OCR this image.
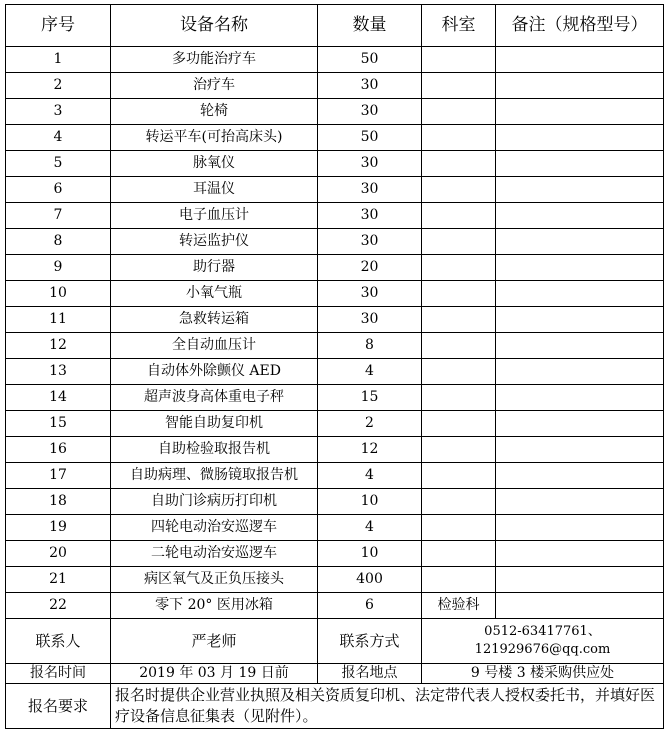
序号	设备名称	数量	科室	备注（规格型号）
1	多功能治疗车	50		
2	治疗车	30		
3	轮椅	30		
4	转运平车(可抬高床头)	50		
5	脉氧仪	30		
6	耳温仪	30		
7	电子血压计	30		
8	转运监护仪	30		
9	助行器	20		
10	小氧气瓶	30		
11	急救转运箱	30		
12	全自动血压计	8		
13	自动体外除颤仪 AED	4		
14	超声波身高体重电子秤	15		
15	智能自助复印机	2		
16	自助检验取报告机	12		
17	自助病理、微肠镜取报告机	4		
18	自助门诊病历打印机	10		
19	四轮电动治安巡逻车	4		
20	二轮电动治安巡逻车	10		
21	病区氧气及正负压接头	400		
22	零下 20° 医用冰箱	6	检验科	
联系人	严老师	联系方式	0512-63417761、
121929676@qq.com	

报名时间	2019 年 03 月 19 日前	报名地点	9 号楼 3 楼采购供应处	
报名要求	报名时提供企业营业执照及相关资质复印机、法定带代表人授权委托书，并填好医疗设备信息征集表（见附件）。			
